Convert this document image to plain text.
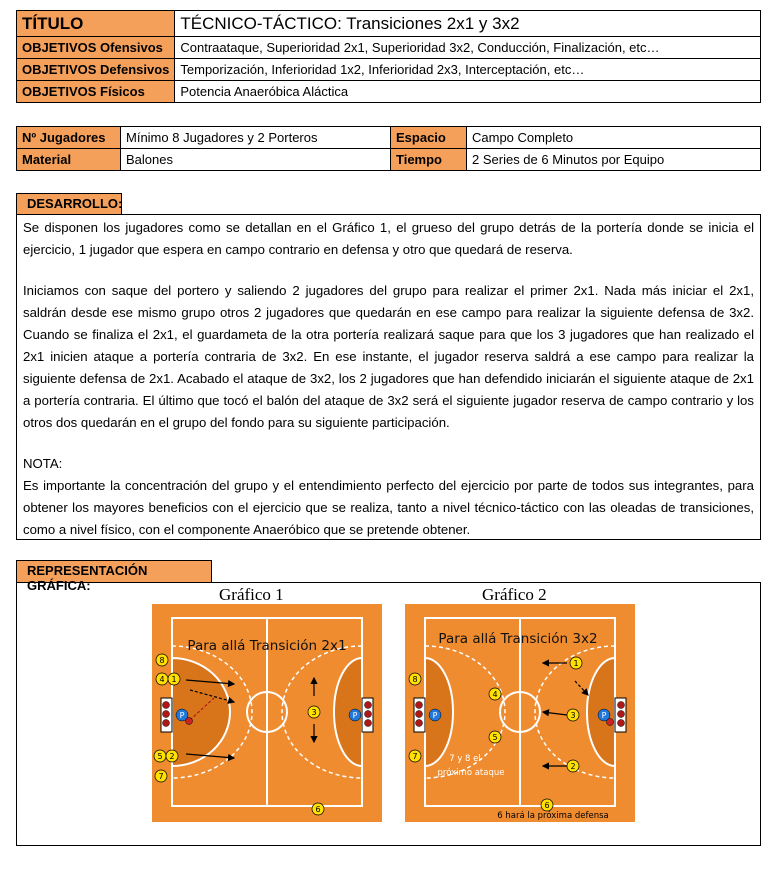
TÍTULO	TÉCNICO-TÁCTICO: Transiciones 2x1 y 3x2
OBJETIVOS Ofensivos	Contraataque, Superioridad 2x1, Superioridad 3x2, Conducción, Finalización, etc…
OBJETIVOS Defensivos	Temporización, Inferioridad 1x2, Inferioridad 2x3, Interceptación, etc…
OBJETIVOS Físicos	Potencia Anaeróbica Aláctica
Nº Jugadores	Mínimo 8 Jugadores y 2 Porteros	Espacio	Campo Completo
Material	Balones	Tiempo	2 Series de 6 Minutos por Equipo
DESARROLLO:

Se disponen los jugadores como se detallan en el Gráfico 1, el grueso del grupo detrás de la portería donde se inicia el ejercicio, 1 jugador que espera en campo contrario en defensa y otro que quedará de reserva.

Iniciamos con saque del portero y saliendo 2 jugadores del grupo para realizar el primer 2x1. Nada más iniciar el 2x1, saldrán desde ese mismo grupo otros 2 jugadores que quedarán en ese campo para realizar la siguiente defensa de 3x2. Cuando se finaliza el 2x1, el guardameta de la otra portería realizará saque para que los 3 jugadores que han realizado el 2x1 inicien ataque a portería contraria de 3x2. En ese instante, el jugador reserva saldrá a ese campo para realizar la siguiente defensa de 2x1. Acabado el ataque de 3x2, los 2 jugadores que han defendido iniciarán el siguiente ataque de 2x1 a portería contraria. El último que tocó el balón del ataque de 3x2 será el siguiente jugador reserva de campo contrario y los otros dos quedarán en el grupo del fondo para su siguiente participación.

NOTA:

Es importante la concentración del grupo y el entendimiento perfecto del ejercicio por parte de todos sus integrantes, para obtener los mayores beneficios con el ejercicio que se realiza, tanto a nivel técnico-táctico con las oleadas de transiciones, como a nivel físico, con el componente Anaeróbico que se pretende obtener.

REPRESENTACIÓN GRÁFICA:	Gráfico 1	Gráfico 2
Para allá Transición 2x1
P	P
8
4 1
5 2
7
3
6
Para allá Transición 3x2
P	P
8
4
3
1
2
5
7
6
7 y 8 el
próximo ataque
6 hará la próxima defensa
